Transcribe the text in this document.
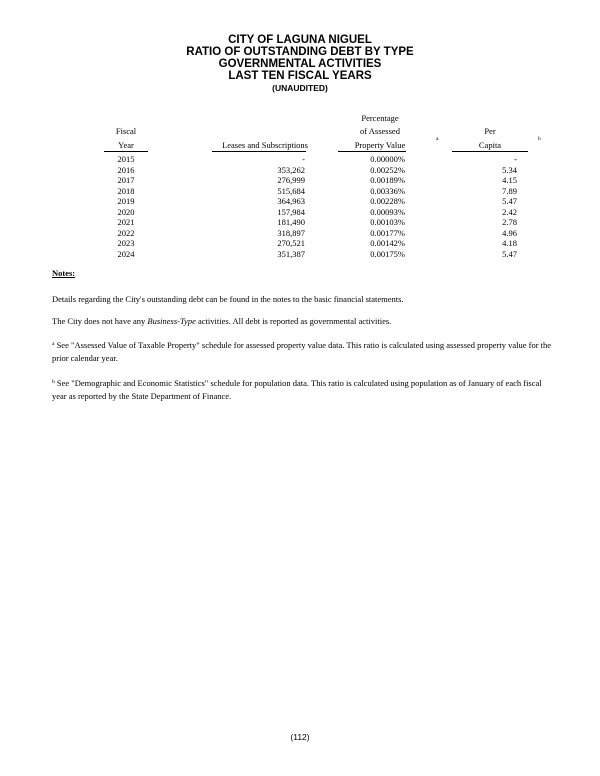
CITY OF LAGUNA NIGUEL
RATIO OF OUTSTANDING DEBT BY TYPE
GOVERNMENTAL ACTIVITIES
LAST TEN FISCAL YEARS
(UNAUDITED)
Fiscal
Year	Leases and Subscriptions
Percentage
of Assessed
Property Value
a
Per
Capita
b
2015	-	0.00000%	-
2016	353,262	0.00252%	5.34
2017	276,999	0.00189%	4.15
2018	515,684	0.00336%	7.89
2019	364,963	0.00228%	5.47
2020	157,984	0.00093%	2.42
2021	181,490	0.00103%	2.78
2022	318,897	0.00177%	4.96
2023	270,521	0.00142%	4.18
2024	351,387	0.00175%	5.47
Notes:
Details regarding the City's outstanding debt can be found in the notes to the basic financial statements.
The City does not have any Business-Type activities. All debt is reported as governmental activities.
$^a$ See "Assessed Value of Taxable Property" schedule for assessed property value data. This ratio is calculated using assessed property value for the prior calendar year.
$^b$ See "Demographic and Economic Statistics" schedule for population data. This ratio is calculated using population as of January of each fiscal year as reported by the State Department of Finance.
(112)
